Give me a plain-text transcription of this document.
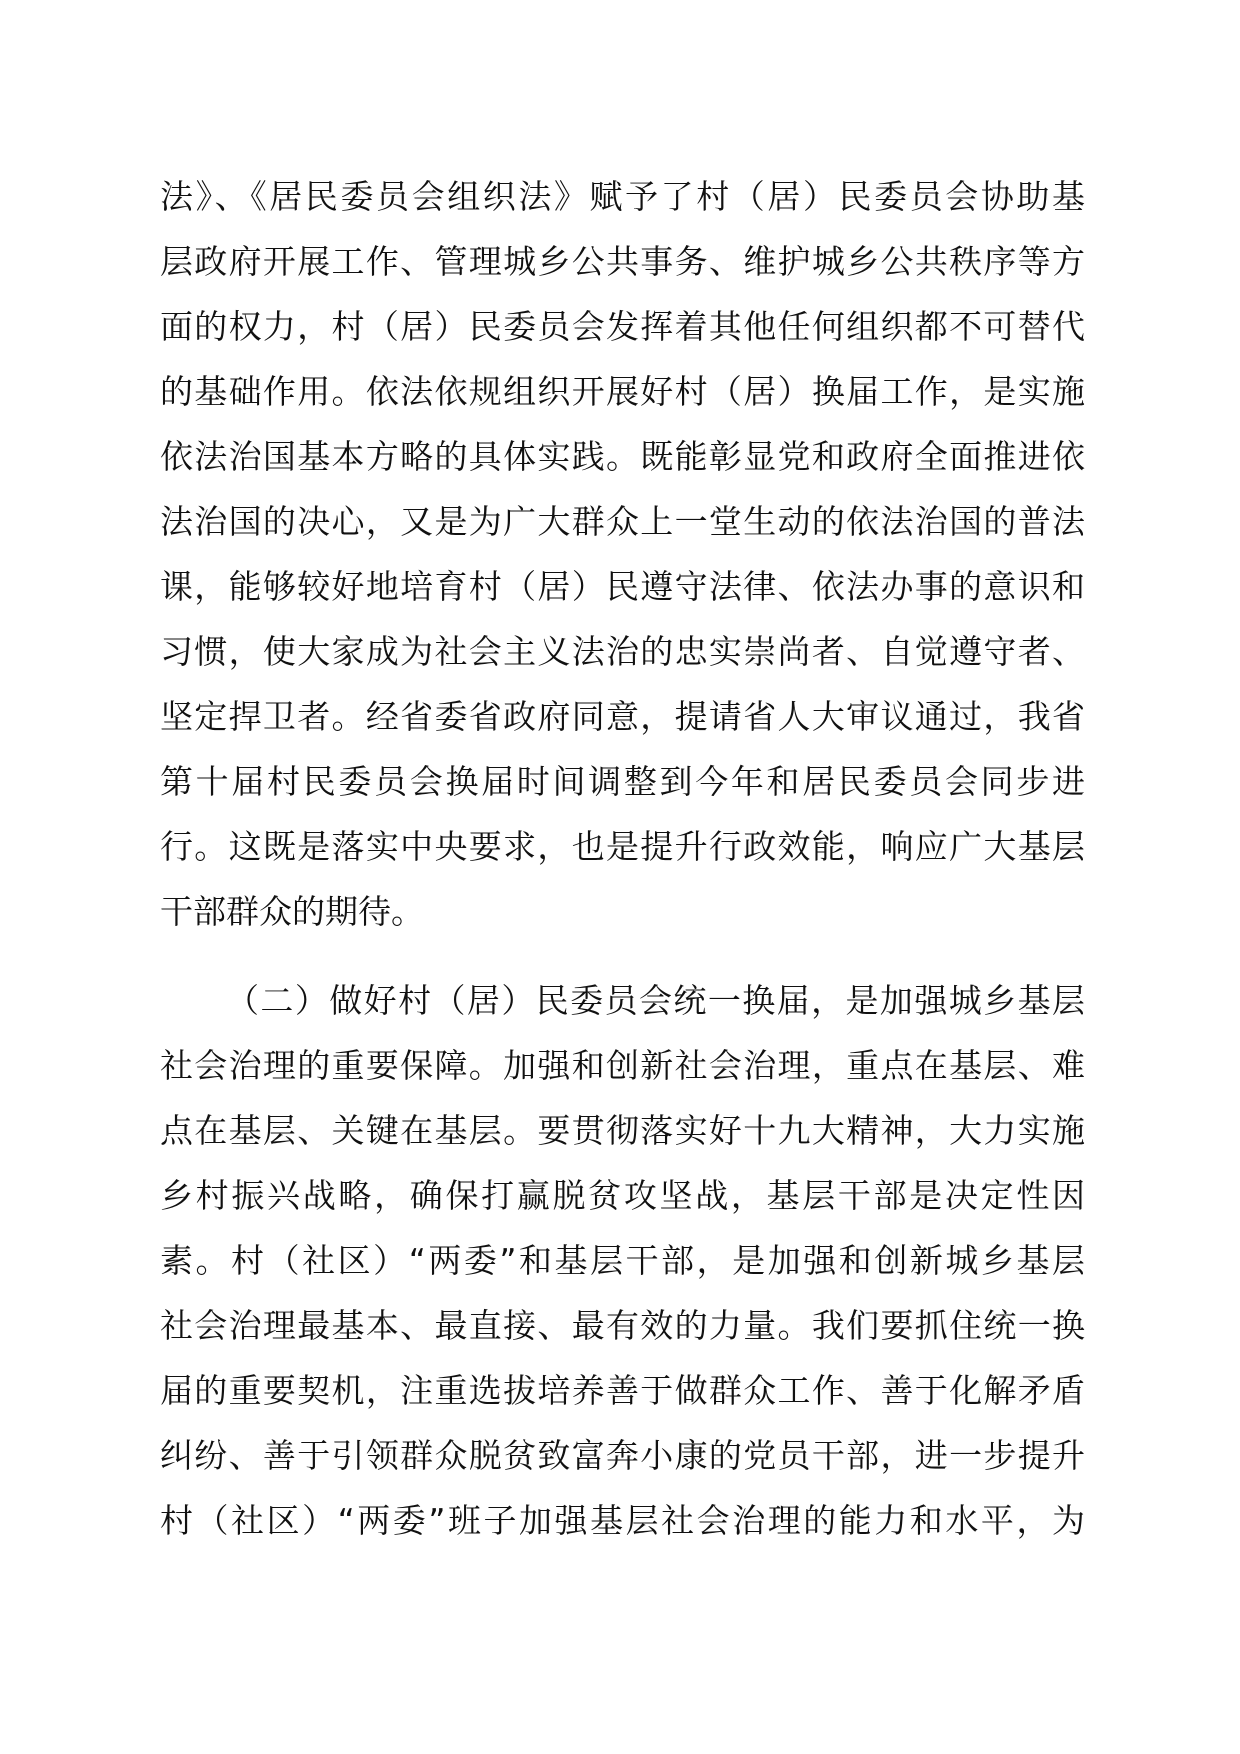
法》、《居民委员会组织法》赋予了村（居）民委员会协助基
层政府开展工作、管理城乡公共事务、维护城乡公共秩序等方
面的权力，村（居）民委员会发挥着其他任何组织都不可替代
的基础作用。依法依规组织开展好村（居）换届工作，是实施
依法治国基本方略的具体实践。既能彰显党和政府全面推进依
法治国的决心，又是为广大群众上一堂生动的依法治国的普法
课，能够较好地培育村（居）民遵守法律、依法办事的意识和
习惯，使大家成为社会主义法治的忠实崇尚者、自觉遵守者、
坚定捍卫者。经省委省政府同意，提请省人大审议通过，我省
第十届村民委员会换届时间调整到今年和居民委员会同步进
行。这既是落实中央要求，也是提升行政效能，响应广大基层
干部群众的期待。
（二）做好村（居）民委员会统一换届，是加强城乡基层
社会治理的重要保障。加强和创新社会治理，重点在基层、难
点在基层、关键在基层。要贯彻落实好十九大精神，大力实施
乡村振兴战略，确保打赢脱贫攻坚战，基层干部是决定性因
素。村（社区）“两委”和基层干部，是加强和创新城乡基层
社会治理最基本、最直接、最有效的力量。我们要抓住统一换
届的重要契机，注重选拔培养善于做群众工作、善于化解矛盾
纠纷、善于引领群众脱贫致富奔小康的党员干部，进一步提升
村（社区）“两委”班子加强基层社会治理的能力和水平，为
